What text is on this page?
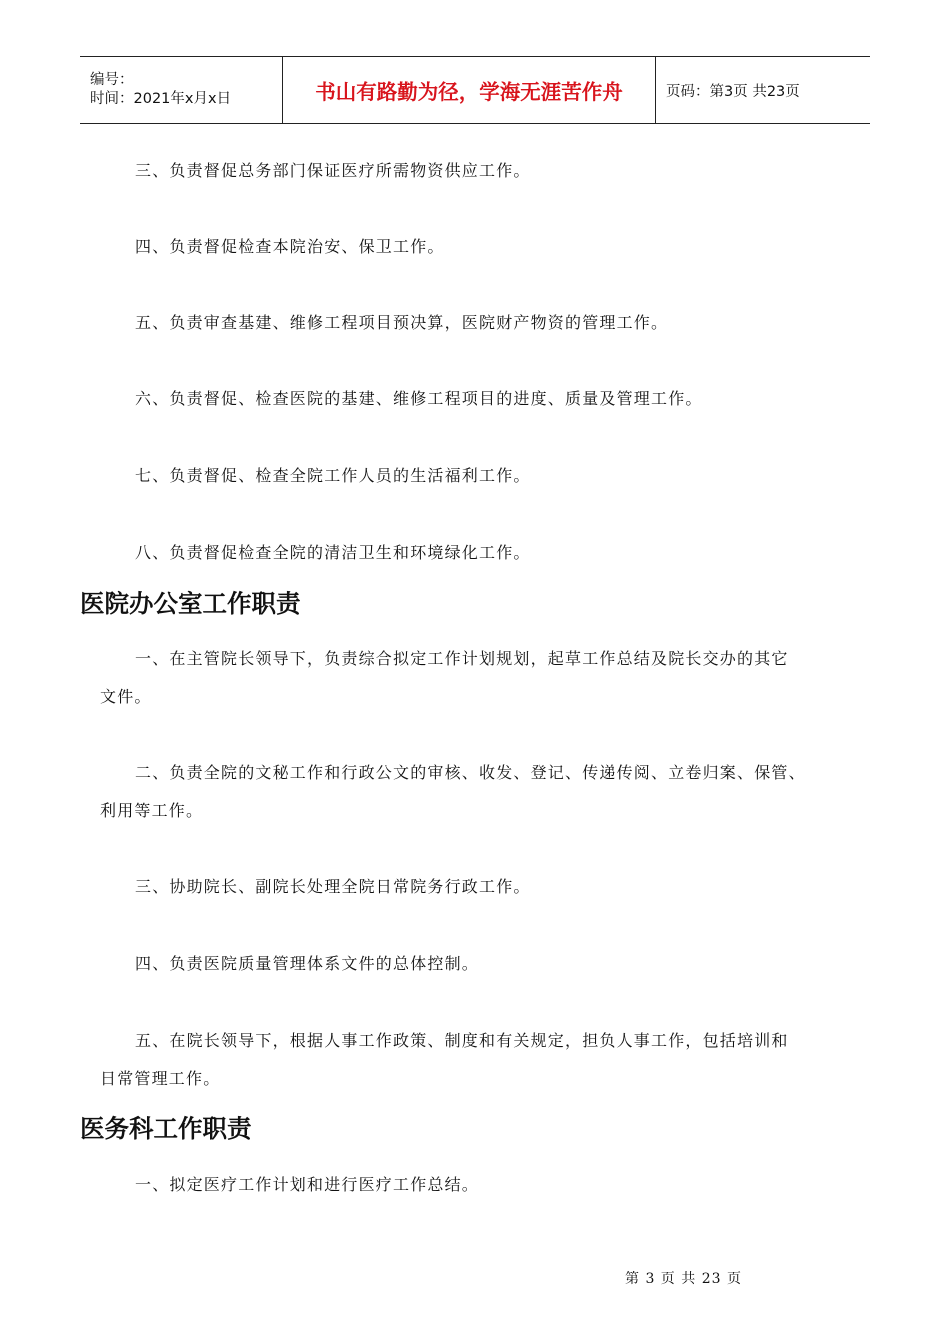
编号：
时间：2021年x月x日	书山有路勤为径，学海无涯苦作舟	页码：第3页 共23页

三、负责督促总务部门保证医疗所需物资供应工作。

四、负责督促检查本院治安、保卫工作。

五、负责审查基建、维修工程项目预决算，医院财产物资的管理工作。

六、负责督促、检查医院的基建、维修工程项目的进度、质量及管理工作。

七、负责督促、检查全院工作人员的生活福利工作。

八、负责督促检查全院的清洁卫生和环境绿化工作。

医院办公室工作职责
一、在主管院长领导下，负责综合拟定工作计划规划，起草工作总结及院长交办的其它
文件。
二、负责全院的文秘工作和行政公文的审核、收发、登记、传递传阅、立卷归案、保管、
利用等工作。

三、协助院长、副院长处理全院日常院务行政工作。

四、负责医院质量管理体系文件的总体控制。

五、在院长领导下，根据人事工作政策、制度和有关规定，担负人事工作，包括培训和
日常管理工作。
医务科工作职责

一、拟定医疗工作计划和进行医疗工作总结。

第 3 页 共 23 页
